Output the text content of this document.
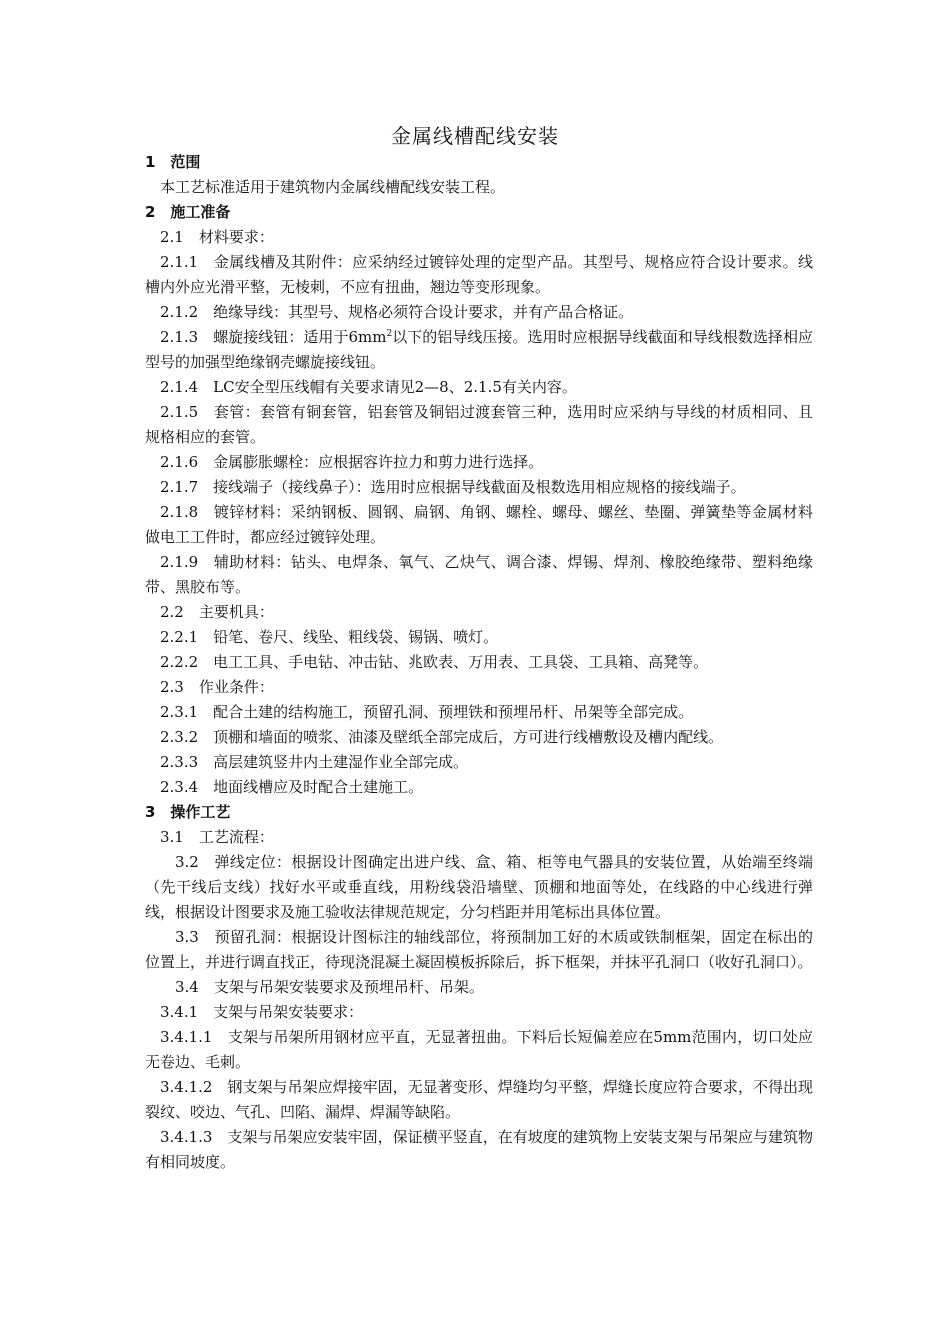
金属线槽配线安装

1　范围

本工艺标准适用于建筑物内金属线槽配线安装工程。

2　施工准备

2.1　材料要求：

2.1.1　金属线槽及其附件：应采纳经过镀锌处理的定型产品。其型号、规格应符合设计要求。线槽内外应光滑平整，无棱刺，不应有扭曲，翘边等变形现象。

2.1.2　绝缘导线：其型号、规格必须符合设计要求，并有产品合格证。

2.1.3　螺旋接线钮：适用于$6mm^2$以下的铝导线压接。选用时应根据导线截面和导线根数选择相应型号的加强型绝缘钢壳螺旋接线钮。

2.1.4　LC安全型压线帽有关要求请见2—8、2.1.5有关内容。

2.1.5　套管：套管有铜套管，铝套管及铜铝过渡套管三种，选用时应采纳与导线的材质相同、且规格相应的套管。

2.1.6　金属膨胀螺栓：应根据容许拉力和剪力进行选择。

2.1.7　接线端子（接线鼻子）：选用时应根据导线截面及根数选用相应规格的接线端子。

2.1.8　镀锌材料：采纳钢板、圆钢、扁钢、角钢、螺栓、螺母、螺丝、垫圈、弹簧垫等金属材料做电工工件时，都应经过镀锌处理。

2.1.9　辅助材料：钻头、电焊条、氧气、乙炔气、调合漆、焊锡、焊剂、橡胶绝缘带、塑料绝缘带、黑胶布等。

2.2　主要机具：

2.2.1　铅笔、卷尺、线坠、粗线袋、锡锅、喷灯。

2.2.2　电工工具、手电钻、冲击钻、兆欧表、万用表、工具袋、工具箱、高凳等。

2.3　作业条件：

2.3.1　配合土建的结构施工，预留孔洞、预埋铁和预埋吊杆、吊架等全部完成。

2.3.2　顶棚和墙面的喷浆、油漆及壁纸全部完成后，方可进行线槽敷设及槽内配线。

2.3.3　高层建筑竖井内土建湿作业全部完成。

2.3.4　地面线槽应及时配合土建施工。

3　操作工艺

3.1　工艺流程：

3.2　弹线定位：根据设计图确定出进户线、盒、箱、柜等电气器具的安装位置，从始端至终端（先干线后支线）找好水平或垂直线，用粉线袋沿墙壁、顶棚和地面等处，在线路的中心线进行弹线，根据设计图要求及施工验收法律规范规定，分匀档距并用笔标出具体位置。

3.3　预留孔洞：根据设计图标注的轴线部位，将预制加工好的木质或铁制框架，固定在标出的位置上，并进行调直找正，待现浇混凝土凝固模板拆除后，拆下框架，并抹平孔洞口（收好孔洞口）。

3.4　支架与吊架安装要求及预埋吊杆、吊架。

3.4.1　支架与吊架安装要求：

3.4.1.1　支架与吊架所用钢材应平直，无显著扭曲。下料后长短偏差应在5mm范围内，切口处应无卷边、毛刺。

3.4.1.2　钢支架与吊架应焊接牢固，无显著变形、焊缝均匀平整，焊缝长度应符合要求，不得出现裂纹、咬边、气孔、凹陷、漏焊、焊漏等缺陷。

3.4.1.3　支架与吊架应安装牢固，保证横平竖直，在有坡度的建筑物上安装支架与吊架应与建筑物有相同坡度。
